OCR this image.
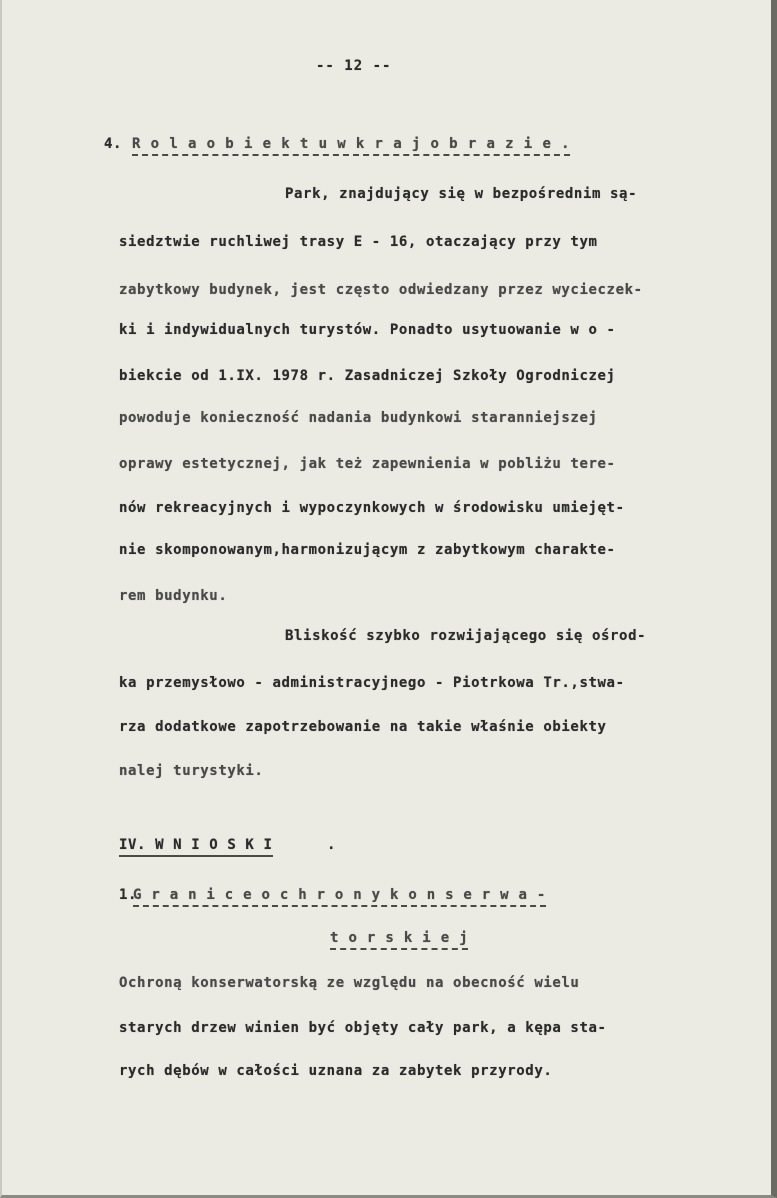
-- 12 --
4. R o l a o b i e k t u w k r a j o b r a z i e .
Park, znajdujący się w bezpośrednim są-
siedztwie ruchliwej trasy E - 16, otaczający przy tym
zabytkowy budynek, jest często odwiedzany przez wycieczek-
ki i indywidualnych turystów. Ponadto usytuowanie w o -
biekcie od 1.IX. 1978 r. Zasadniczej Szkoły Ogrodniczej
powoduje konieczność nadania budynkowi staranniejszej
oprawy estetycznej, jak też zapewnienia w pobliżu tere-
nów rekreacyjnych i wypoczynkowych w środowisku umiejęt-
nie skomponowanym,harmonizującym z zabytkowym charakte-
rem budynku.
Bliskość szybko rozwijającego się ośrod-
ka przemysłowo - administracyjnego - Piotrkowa Tr.,stwa-
rza dodatkowe zapotrzebowanie na takie właśnie obiekty
nalej turystyki.
IV. W N I O S K I	.
1.
G r a n i c e o c h r o n y k o n s e r w a -
t o r s k i e j
Ochroną konserwatorską ze względu na obecność wielu
starych drzew winien być objęty cały park, a kępa sta-
rych dębów w całości uznana za zabytek przyrody.
